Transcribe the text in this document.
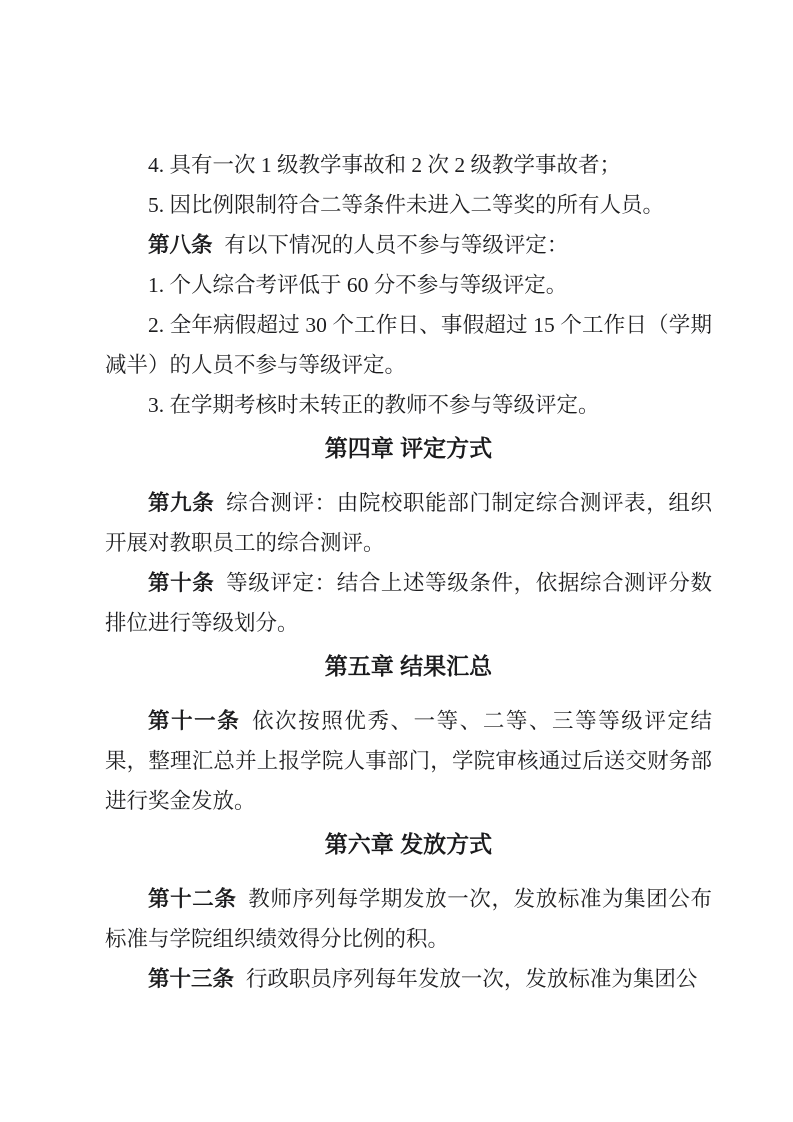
4. 具有一次 1 级教学事故和 2 次 2 级教学事故者；

5. 因比例限制符合二等条件未进入二等奖的所有人员。

第八条 有以下情况的人员不参与等级评定：

1. 个人综合考评低于 60 分不参与等级评定。

2. 全年病假超过 30 个工作日、事假超过 15 个工作日（学期减半）的人员不参与等级评定。

3. 在学期考核时未转正的教师不参与等级评定。

第四章 评定方式

第九条 综合测评：由院校职能部门制定综合测评表，组织开展对教职员工的综合测评。

第十条 等级评定：结合上述等级条件，依据综合测评分数排位进行等级划分。

第五章 结果汇总

第十一条 依次按照优秀、一等、二等、三等等级评定结果，整理汇总并上报学院人事部门，学院审核通过后送交财务部进行奖金发放。

第六章 发放方式

第十二条 教师序列每学期发放一次，发放标准为集团公布标准与学院组织绩效得分比例的积。

第十三条 行政职员序列每年发放一次，发放标准为集团公
